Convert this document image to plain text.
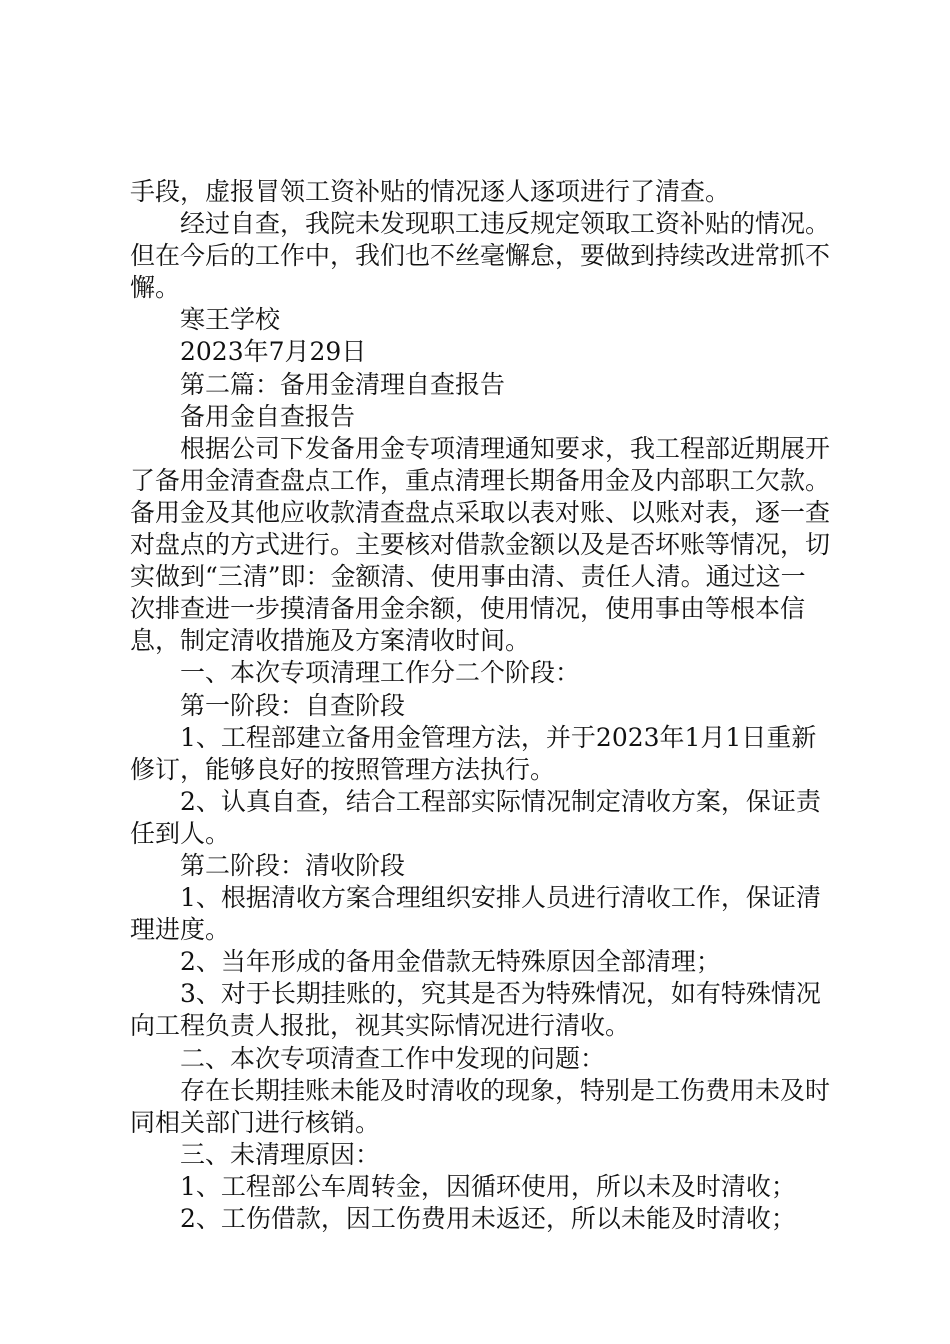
手段，虚报冒领工资补贴的情况逐人逐项进行了清查。

经过自查，我院未发现职工违反规定领取工资补贴的情况。但在今后的工作中，我们也不丝毫懈怠，要做到持续改进常抓不懈。

寒王学校

2023年7月29日

第二篇：备用金清理自查报告

备用金自查报告

根据公司下发备用金专项清理通知要求，我工程部近期展开了备用金清查盘点工作，重点清理长期备用金及内部职工欠款。备用金及其他应收款清查盘点采取以表对账、以账对表，逐一查对盘点的方式进行。主要核对借款金额以及是否坏账等情况，切实做到“三清”即：金额清、使用事由清、责任人清。通过这一次排查进一步摸清备用金余额，使用情况，使用事由等根本信息，制定清收措施及方案清收时间。

一、本次专项清理工作分二个阶段：

第一阶段：自查阶段

1、工程部建立备用金管理方法，并于2023年1月1日重新修订，能够良好的按照管理方法执行。

2、认真自查，结合工程部实际情况制定清收方案，保证责任到人。

第二阶段：清收阶段

1、根据清收方案合理组织安排人员进行清收工作，保证清理进度。

2、当年形成的备用金借款无特殊原因全部清理；

3、对于长期挂账的，究其是否为特殊情况，如有特殊情况向工程负责人报批，视其实际情况进行清收。

二、本次专项清查工作中发现的问题：

存在长期挂账未能及时清收的现象，特别是工伤费用未及时同相关部门进行核销。

三、未清理原因：

1、工程部公车周转金，因循环使用，所以未及时清收；

2、工伤借款，因工伤费用未返还，所以未能及时清收；
